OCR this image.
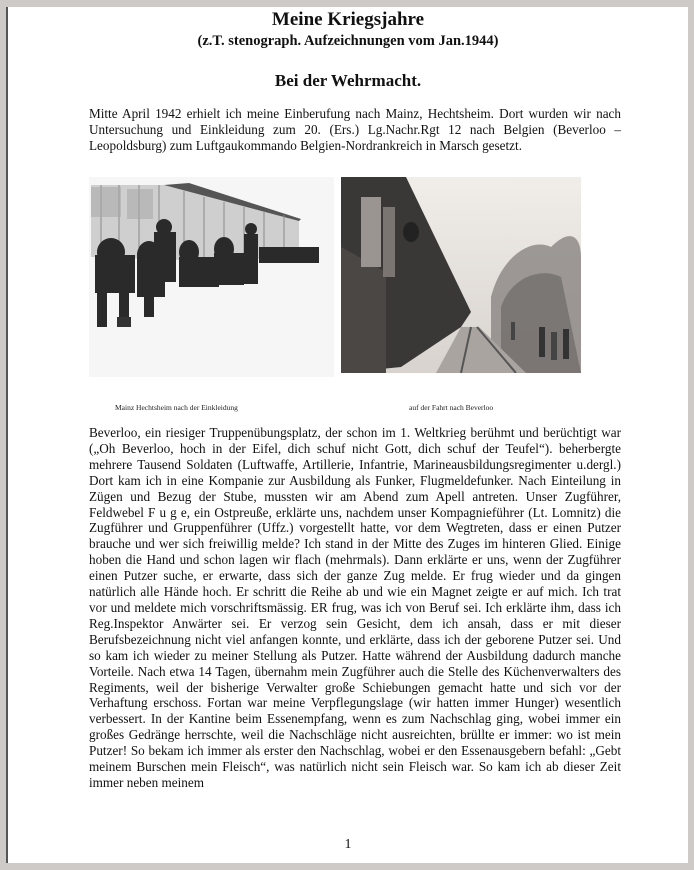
Meine Kriegsjahre
(z.T. stenograph. Aufzeichnungen vom Jan.1944)
Bei der Wehrmacht.

Mitte April 1942 erhielt ich meine Einberufung nach Mainz, Hechtsheim. Dort wurden wir nach Untersuchung und Einkleidung zum 20. (Ers.) Lg.Nachr.Rgt 12 nach Belgien (Beverloo – Leopoldsburg) zum Luftgaukommando Belgien-Nordrankreich in Marsch gesetzt.

Mainz Hechtsheim nach der Einkleidung	auf der Fahrt nach Beverloo

Beverloo, ein riesiger Truppenübungsplatz, der schon im 1. Weltkrieg berühmt und berüchtigt war („Oh Beverloo, hoch in der Eifel, dich schuf nicht Gott, dich schuf der Teufel“). beherbergte mehrere Tausend Soldaten (Luftwaffe, Artillerie, Infantrie, Marineausbildungsregimenter u.dergl.) Dort kam ich in eine Kompanie zur Ausbildung als Funker, Flugmeldefunker. Nach Einteilung in Zügen und Bezug der Stube, mussten wir am Abend zum Apell antreten. Unser Zugführer, Feldwebel F u g e, ein Ostpreuße, erklärte uns, nachdem unser Kompagnieführer (Lt. Lomnitz) die Zugführer und Gruppenführer (Uffz.) vorgestellt hatte, vor dem Wegtreten, dass er einen Putzer brauche und wer sich freiwillig melde? Ich stand in der Mitte des Zuges im hinteren Glied. Einige hoben die Hand und schon lagen wir flach (mehrmals). Dann erklärte er uns, wenn der Zugführer einen Putzer suche, er erwarte, dass sich der ganze Zug melde. Er frug wieder und da gingen natürlich alle Hände hoch. Er schritt die Reihe ab und wie ein Magnet zeigte er auf mich. Ich trat vor und meldete mich vorschriftsmässig. ER frug, was ich von Beruf sei. Ich erklärte ihm, dass ich Reg.Inspektor Anwärter sei. Er verzog sein Gesicht, dem ich ansah, dass er mit dieser Berufsbezeichnung nicht viel anfangen konnte, und erklärte, dass ich der geborene Putzer sei. Und so kam ich wieder zu meiner Stellung als Putzer. Hatte während der Ausbildung dadurch manche Vorteile. Nach etwa 14 Tagen, übernahm mein Zugführer auch die Stelle des Küchenverwalters des Regiments, weil der bisherige Verwalter große Schiebungen gemacht hatte und sich vor der Verhaftung erschoss. Fortan war meine Verpflegungslage (wir hatten immer Hunger) wesentlich verbessert. In der Kantine beim Essenempfang, wenn es zum Nachschlag ging, wobei immer ein großes Gedränge herrschte, weil die Nachschläge nicht ausreichten, brüllte er immer: wo ist mein Putzer! So bekam ich immer als erster den Nachschlag, wobei er den Essenausgebern befahl: „Gebt meinem Burschen mein Fleisch“, was natürlich nicht sein Fleisch war. So kam ich ab dieser Zeit immer neben meinem

1
